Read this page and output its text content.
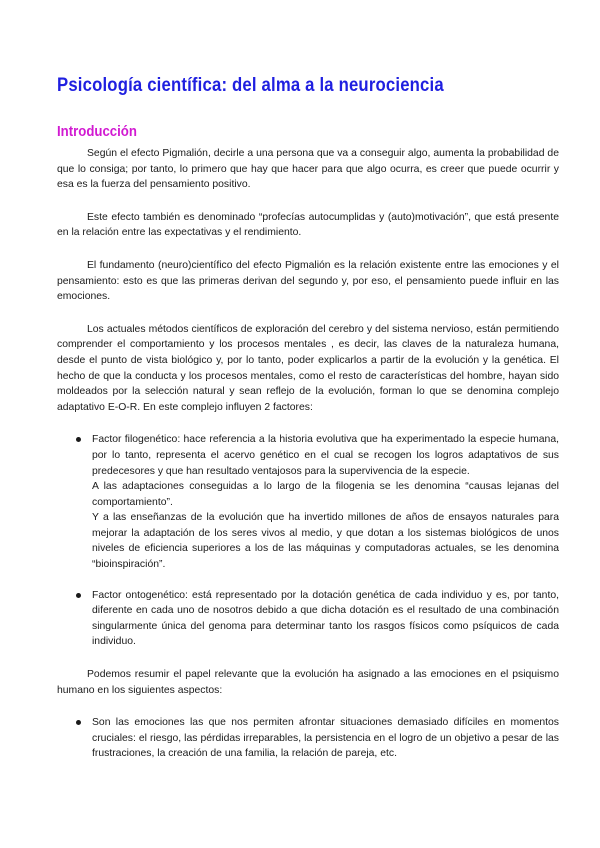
Psicología científica: del alma a la neurociencia
Introducción

Según el efecto Pigmalión, decirle a una persona que va a conseguir algo, aumenta la probabilidad de que lo consiga; por tanto, lo primero que hay que hacer para que algo ocurra, es creer que puede ocurrir y esa es la fuerza del pensamiento positivo.

Este efecto también es denominado “profecías autocumplidas y (auto)motivación”, que está presente en la relación entre las expectativas y el rendimiento.

El fundamento (neuro)científico del efecto Pigmalión es la relación existente entre las emociones y el pensamiento: esto es que las primeras derivan del segundo y, por eso, el pensamiento puede influir en las emociones.

Los actuales métodos científicos de exploración del cerebro y del sistema nervioso, están permitiendo comprender el comportamiento y los procesos mentales , es decir, las claves de la naturaleza humana, desde el punto de vista biológico y, por lo tanto, poder explicarlos a partir de la evolución y la genética. El hecho de que la conducta y los procesos mentales, como el resto de características del hombre, hayan sido moldeados por la selección natural y sean reflejo de la evolución, forman lo que se denomina complejo adaptativo E-O-R. En este complejo influyen 2 factores:

Factor filogenético: hace referencia a la historia evolutiva que ha experimentado la especie humana, por lo tanto, representa el acervo genético en el cual se recogen los logros adaptativos de sus predecesores y que han resultado ventajosos para la supervivencia de la especie.
A las adaptaciones conseguidas a lo largo de la filogenia se les denomina “causas lejanas del comportamiento”.
Y a las enseñanzas de la evolución que ha invertido millones de años de ensayos naturales para mejorar la adaptación de los seres vivos al medio, y que dotan a los sistemas biológicos de unos niveles de eficiencia superiores a los de las máquinas y computadoras actuales, se les denomina “bioinspiración”.
Factor ontogenético: está representado por la dotación genética de cada individuo y es, por tanto, diferente en cada uno de nosotros debido a que dicha dotación es el resultado de una combinación singularmente única del genoma para determinar tanto los rasgos físicos como psíquicos de cada individuo.

Podemos resumir el papel relevante que la evolución ha asignado a las emociones en el psiquismo humano en los siguientes aspectos:

Son las emociones las que nos permiten afrontar situaciones demasiado difíciles en momentos cruciales: el riesgo, las pérdidas irreparables, la persistencia en el logro de un objetivo a pesar de las frustraciones, la creación de una familia, la relación de pareja, etc.
